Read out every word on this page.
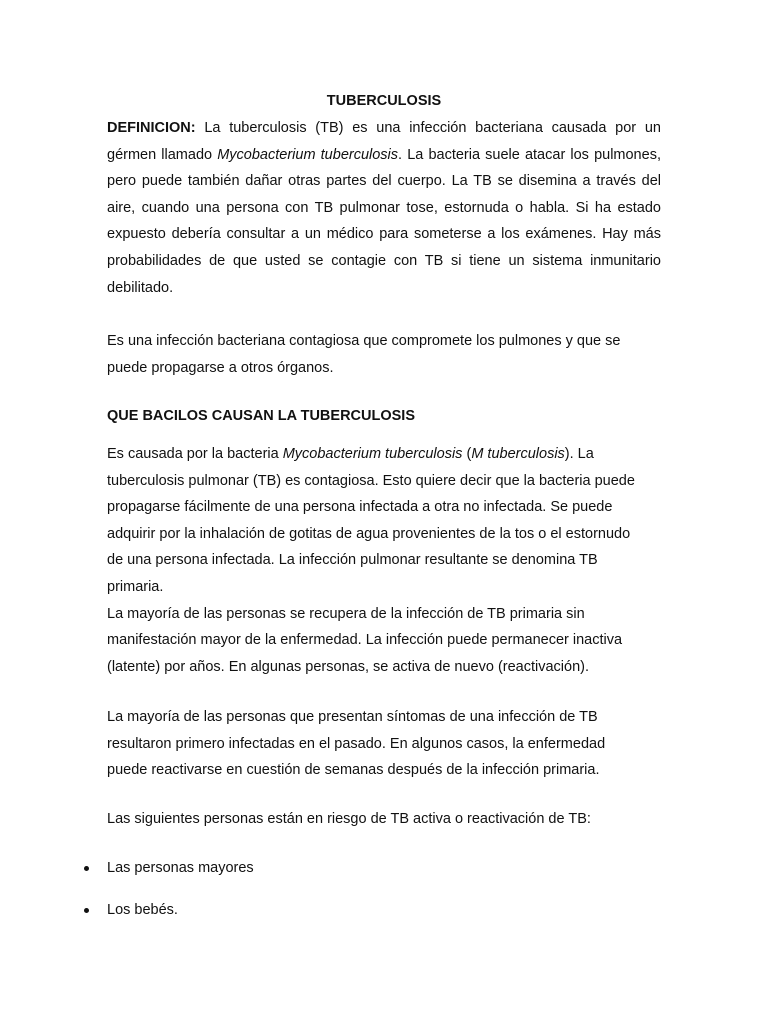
TUBERCULOSIS
DEFINICION: La tuberculosis (TB) es una infección bacteriana causada por un gérmen llamado Mycobacterium tuberculosis. La bacteria suele atacar los pulmones, pero puede también dañar otras partes del cuerpo. La TB se disemina a través del aire, cuando una persona con TB pulmonar tose, estornuda o habla. Si ha estado expuesto debería consultar a un médico para someterse a los exámenes. Hay más probabilidades de que usted se contagie con TB si tiene un sistema inmunitario debilitado.
Es una infección bacteriana contagiosa que compromete los pulmones y que se
puede propagarse a otros órganos.
QUE BACILOS CAUSAN LA TUBERCULOSIS
Es causada por la bacteria Mycobacterium tuberculosis (M tuberculosis). La
tuberculosis pulmonar (TB) es contagiosa. Esto quiere decir que la bacteria puede
propagarse fácilmente de una persona infectada a otra no infectada. Se puede
adquirir por la inhalación de gotitas de agua provenientes de la tos o el estornudo
de una persona infectada. La infección pulmonar resultante se denomina TB
primaria.
La mayoría de las personas se recupera de la infección de TB primaria sin
manifestación mayor de la enfermedad. La infección puede permanecer inactiva
(latente) por años. En algunas personas, se activa de nuevo (reactivación).
La mayoría de las personas que presentan síntomas de una infección de TB
resultaron primero infectadas en el pasado. En algunos casos, la enfermedad
puede reactivarse en cuestión de semanas después de la infección primaria.
Las siguientes personas están en riesgo de TB activa o reactivación de TB:
Las personas mayores
Los bebés.
